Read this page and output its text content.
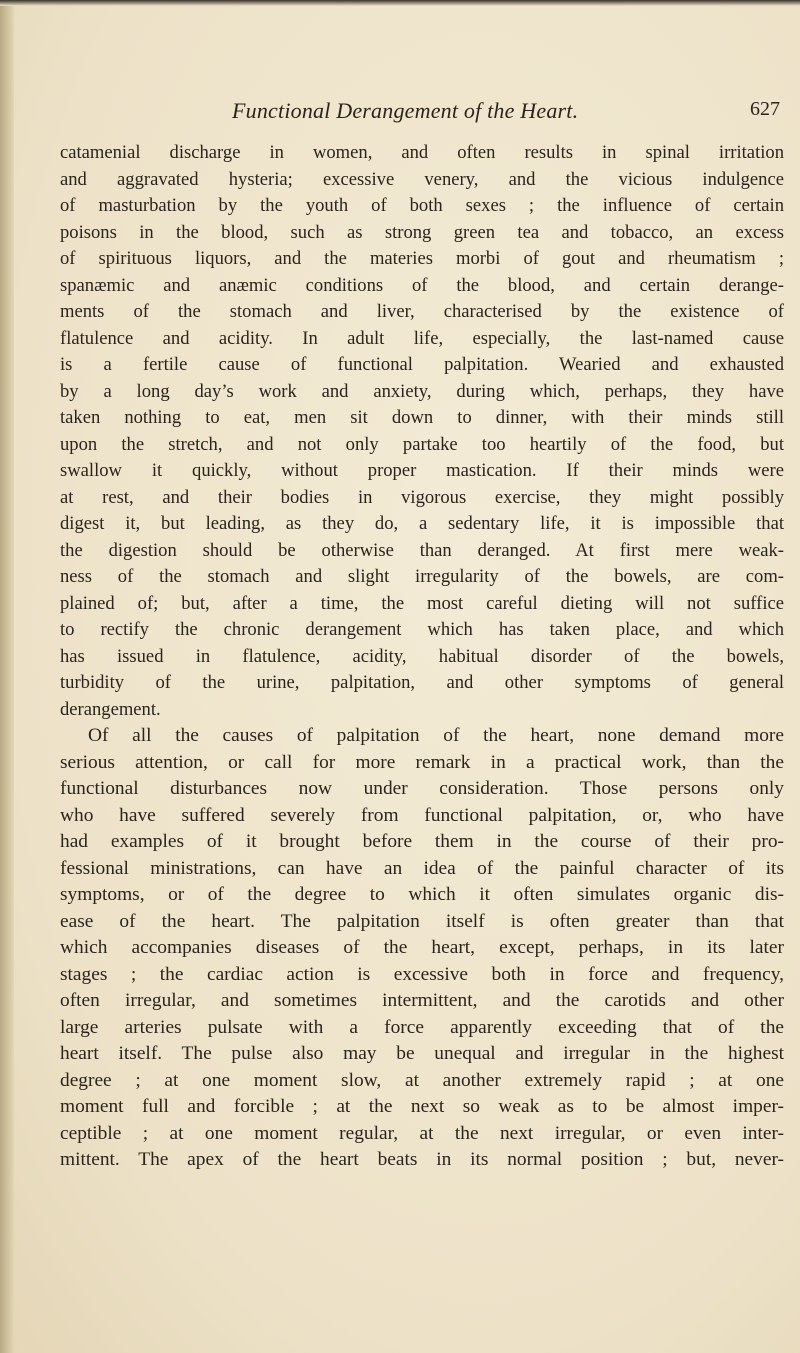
Functional Derangement of the Heart.	627
catamenial discharge in women, and often results in spinal irritation
and aggravated hysteria; excessive venery, and the vicious indulgence
of masturbation by the youth of both sexes ; the influence of certain
poisons in the blood, such as strong green tea and tobacco, an excess
of spirituous liquors, and the materies morbi of gout and rheumatism ;
spanæmic and anæmic conditions of the blood, and certain derange-
ments of the stomach and liver, characterised by the existence of
flatulence and acidity. In adult life, especially, the last-named cause
is a fertile cause of functional palpitation. Wearied and exhausted
by a long day’s work and anxiety, during which, perhaps, they have
taken nothing to eat, men sit down to dinner, with their minds still
upon the stretch, and not only partake too heartily of the food, but
swallow it quickly, without proper mastication. If their minds were
at rest, and their bodies in vigorous exercise, they might possibly
digest it, but leading, as they do, a sedentary life, it is impossible that
the digestion should be otherwise than deranged. At first mere weak-
ness of the stomach and slight irregularity of the bowels, are com-
plained of; but, after a time, the most careful dieting will not suffice
to rectify the chronic derangement which has taken place, and which
has issued in flatulence, acidity, habitual disorder of the bowels,
turbidity of the urine, palpitation, and other symptoms of general
derangement.
Of all the causes of palpitation of the heart, none demand more
serious attention, or call for more remark in a practical work, than the
functional disturbances now under consideration. Those persons only
who have suffered severely from functional palpitation, or, who have
had examples of it brought before them in the course of their pro-
fessional ministrations, can have an idea of the painful character of its
symptoms, or of the degree to which it often simulates organic dis-
ease of the heart. The palpitation itself is often greater than that
which accompanies diseases of the heart, except, perhaps, in its later
stages ; the cardiac action is excessive both in force and frequency,
often irregular, and sometimes intermittent, and the carotids and other
large arteries pulsate with a force apparently exceeding that of the
heart itself. The pulse also may be unequal and irregular in the highest
degree ; at one moment slow, at another extremely rapid ; at one
moment full and forcible ; at the next so weak as to be almost imper-
ceptible ; at one moment regular, at the next irregular, or even inter-
mittent. The apex of the heart beats in its normal position ; but, never-
